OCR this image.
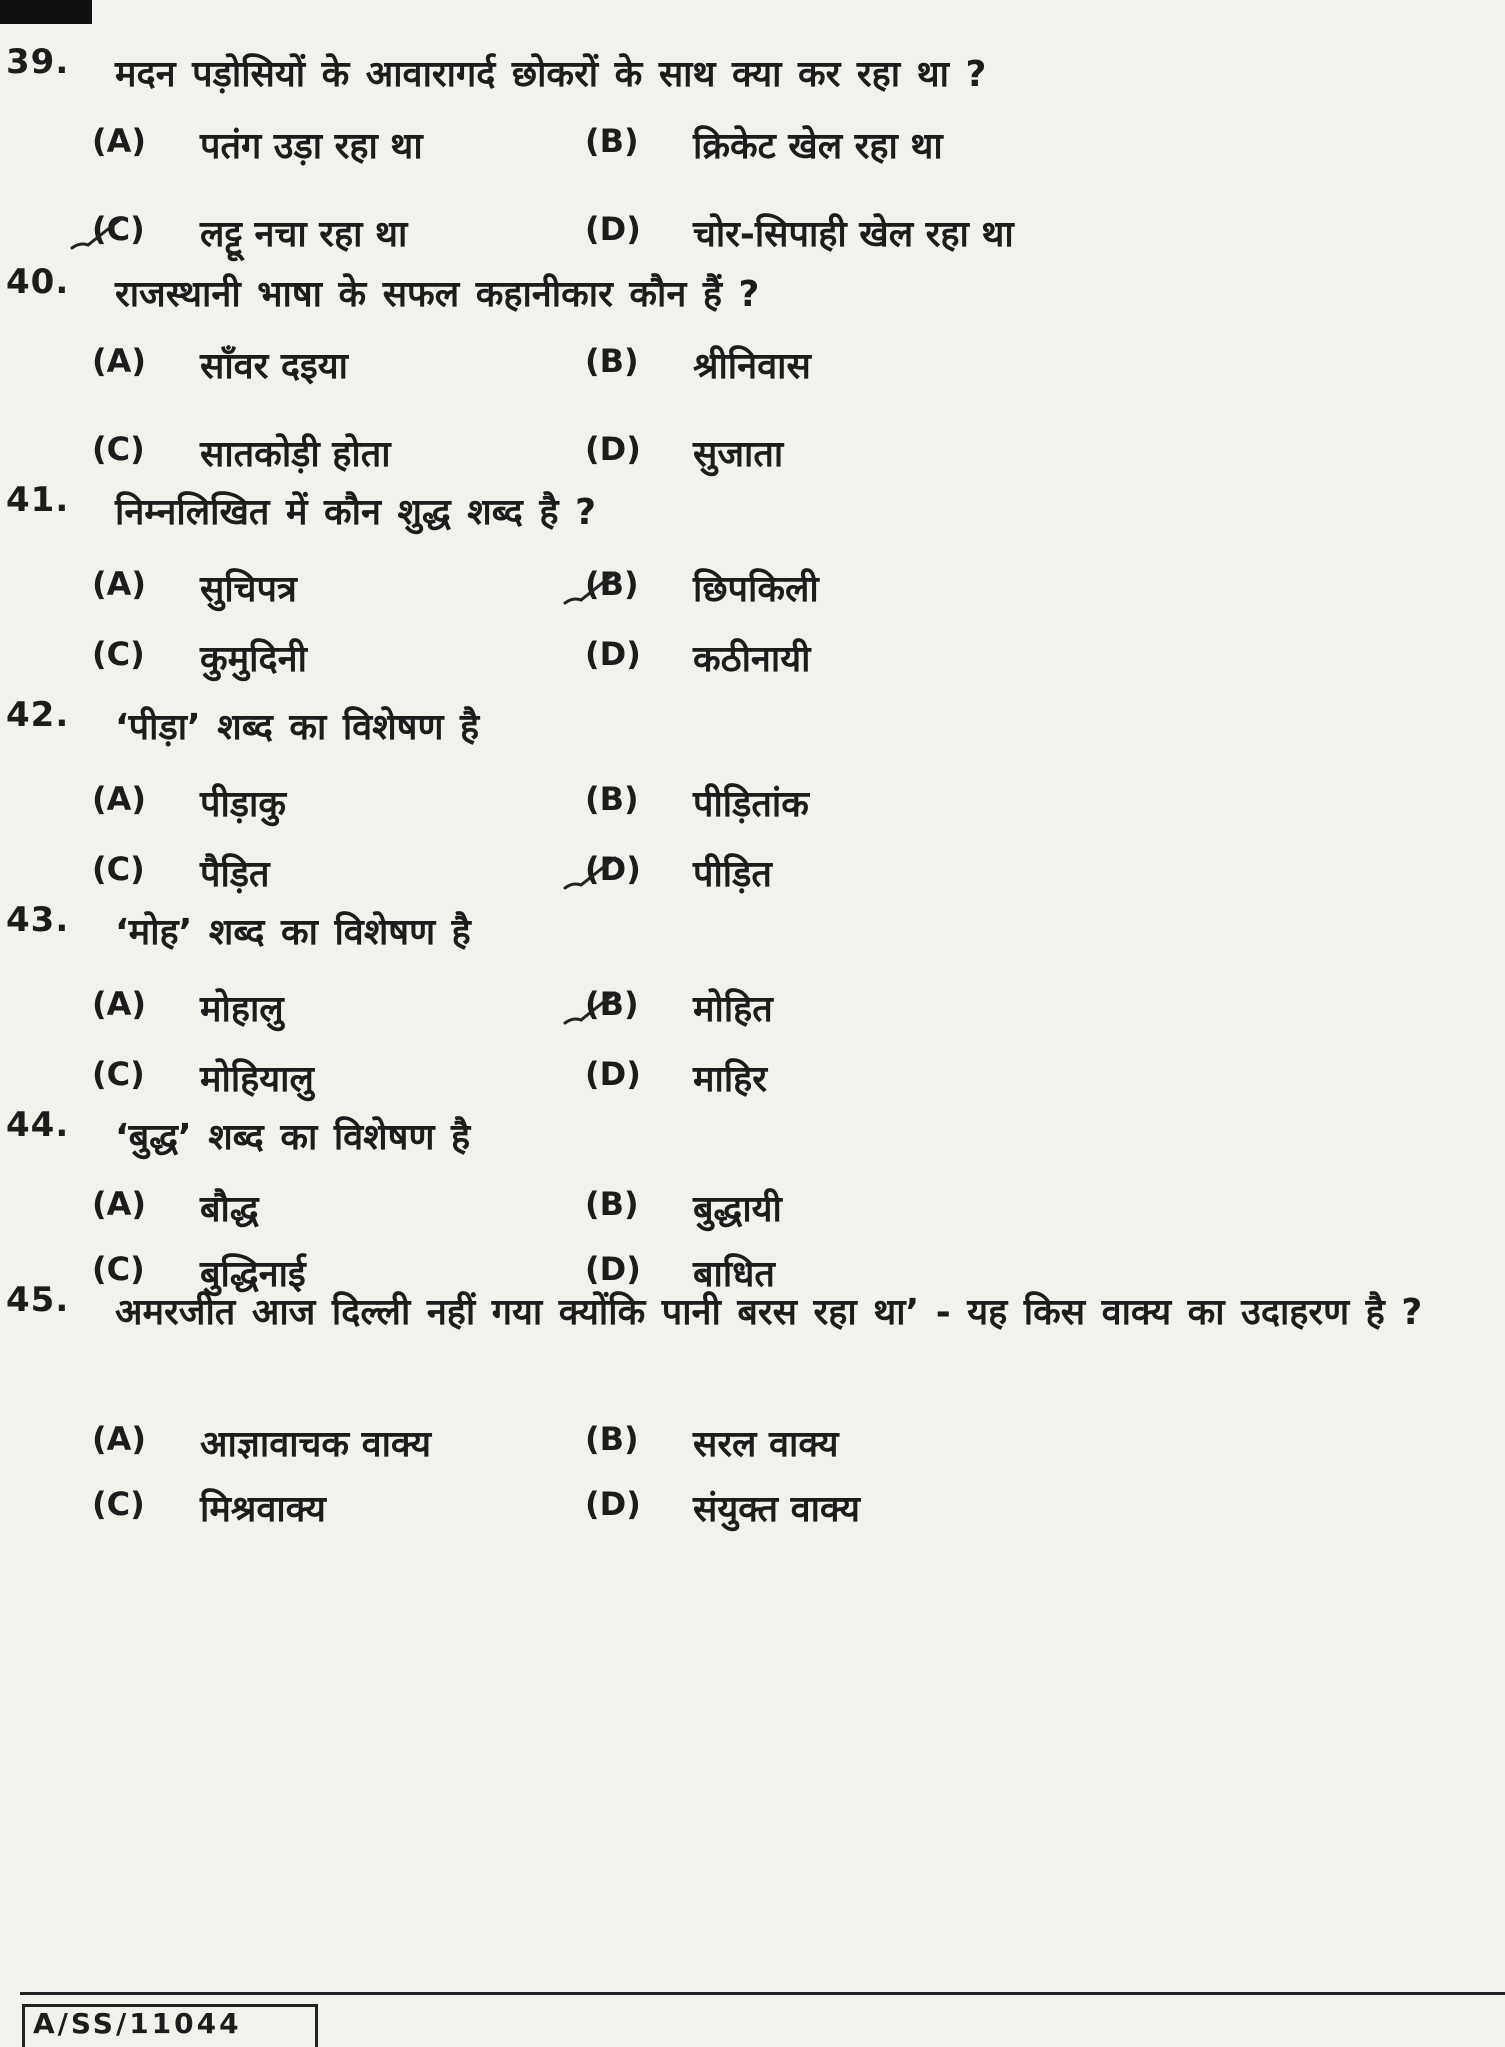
39. मदन पड़ोसियों के आवारागर्द छोकरों के साथ क्या कर रहा था ?
(A) पतंग उड़ा रहा था	(B) क्रिकेट खेल रहा था
(C) लट्टू नचा रहा था	(D) चोर-सिपाही खेल रहा था
40. राजस्थानी भाषा के सफल कहानीकार कौन हैं ?
(A) साँवर दइया	(B) श्रीनिवास
(C) सातकोड़ी होता	(D) सुजाता
41. निम्नलिखित में कौन शुद्ध शब्द है ?
(A) सुचिपत्र	(B) छिपकिली
(C) कुमुदिनी	(D) कठीनायी
42. ‘पीड़ा’ शब्द का विशेषण है
(A) पीड़ाकु	(B) पीड़ितांक
(C) पैड़ित	(D) पीड़ित
43. ‘मोह’ शब्द का विशेषण है
(A) मोहालु	(B) मोहित
(C) मोहियालु	(D) माहिर
44. ‘बुद्ध’ शब्द का विशेषण है
(A) बौद्ध	(B) बुद्धायी
(C) बुद्धिनाई	(D) बाधित
45. अमरजीत आज दिल्ली नहीं गया क्योंकि पानी बरस रहा था’ - यह किस वाक्य का उदाहरण है ?
(A) आज्ञावाचक वाक्य	(B) सरल वाक्य
(C) मिश्रवाक्य	(D) संयुक्त वाक्य
A/SS/11044
